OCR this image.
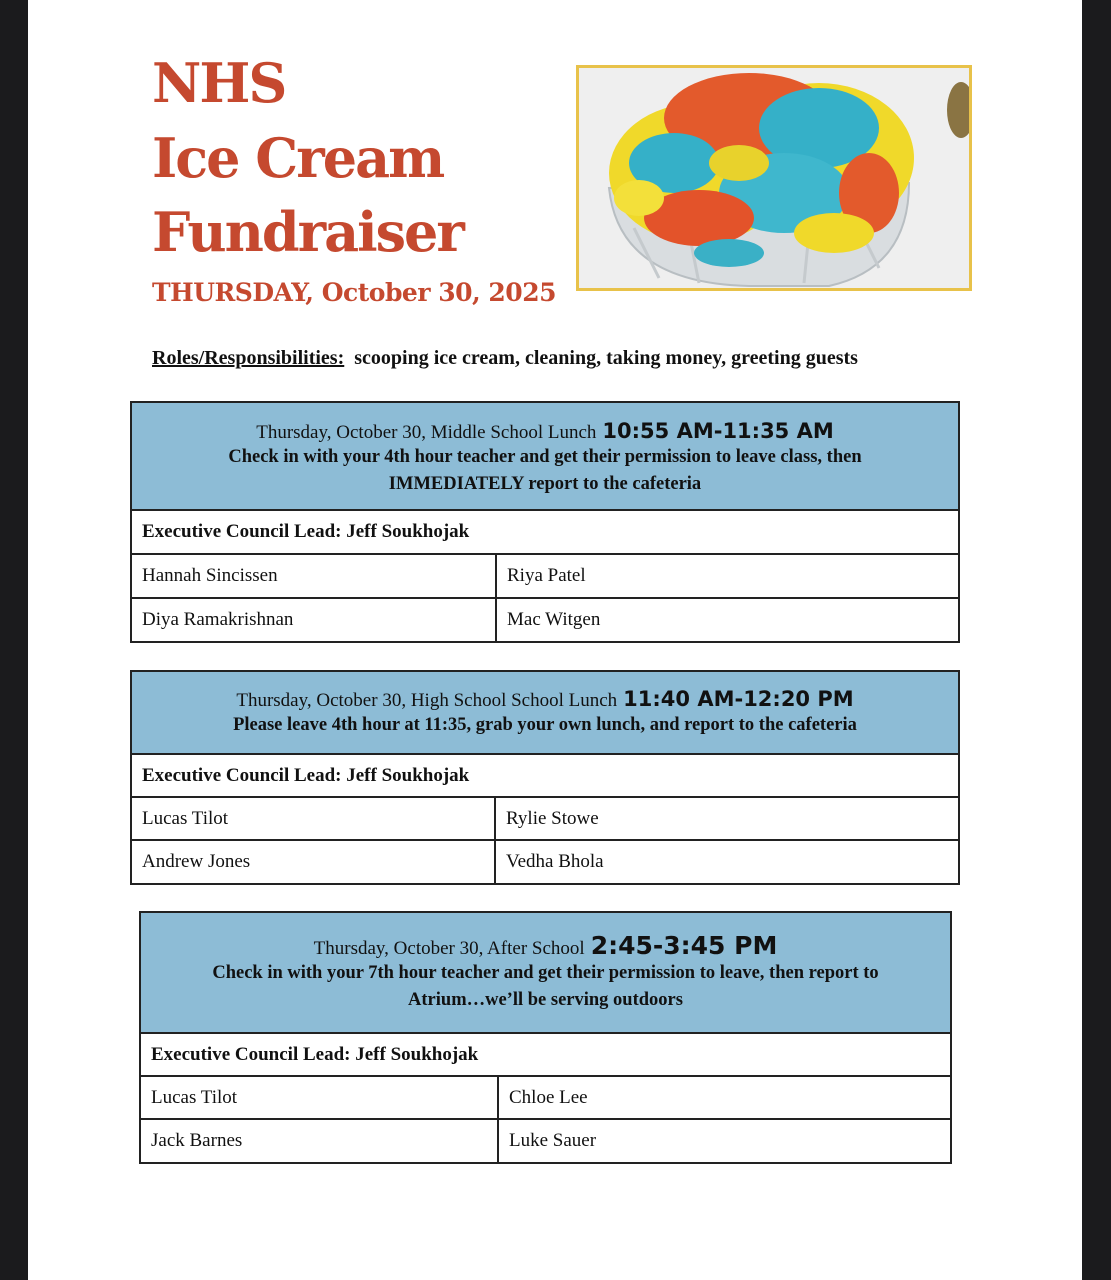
NHS
Ice Cream
Fundraiser
THURSDAY, October 30, 2025
Roles/Responsibilities: scooping ice cream, cleaning, taking money, greeting guests
Thursday, October 30, Middle School Lunch 10:55 AM-11:35 AM
Check in with your 4th hour teacher and get their permission to leave class, then
IMMEDIATELY report to the cafeteria
Executive Council Lead: Jeff Soukhojak
Hannah Sincissen	Riya Patel
Diya Ramakrishnan	Mac Witgen
Thursday, October 30, High School School Lunch 11:40 AM-12:20 PM
Please leave 4th hour at 11:35, grab your own lunch, and report to the cafeteria
Executive Council Lead: Jeff Soukhojak
Lucas Tilot	Rylie Stowe
Andrew Jones	Vedha Bhola
Thursday, October 30, After School 2:45-3:45 PM
Check in with your 7th hour teacher and get their permission to leave, then report to
Atrium…we’ll be serving outdoors
Executive Council Lead: Jeff Soukhojak
Lucas Tilot	Chloe Lee
Jack Barnes	Luke Sauer
